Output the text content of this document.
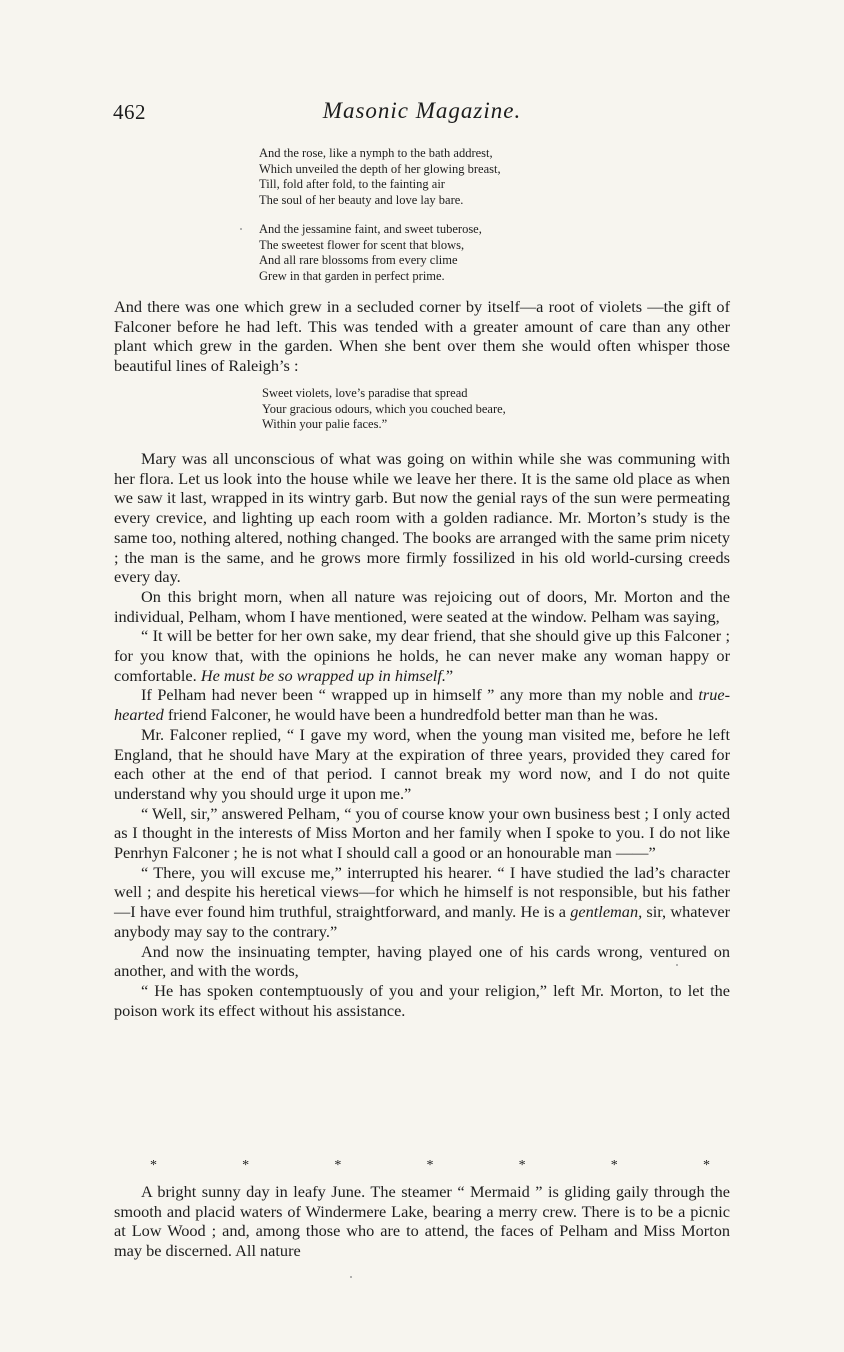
462	Masonic Magazine.
And the rose, like a nymph to the bath addrest,
Which unveiled the depth of her glowing breast,
Till, fold after fold, to the fainting air
The soul of her beauty and love lay bare.
And the jessamine faint, and sweet tuberose,
The sweetest flower for scent that blows,
And all rare blossoms from every clime
Grew in that garden in perfect prime.

And there was one which grew in a secluded corner by itself—a root of violets —the gift of Falconer before he had left. This was tended with a greater amount of care than any other plant which grew in the garden. When she bent over them she would often whisper those beautiful lines of Raleigh’s :

Sweet violets, love’s paradise that spread
Your gracious odours, which you couched beare,
Within your palie faces.”

Mary was all unconscious of what was going on within while she was communing with her flora. Let us look into the house while we leave her there. It is the same old place as when we saw it last, wrapped in its wintry garb. But now the genial rays of the sun were permeating every crevice, and lighting up each room with a golden radiance. Mr. Morton’s study is the same too, nothing altered, nothing changed. The books are arranged with the same prim nicety ; the man is the same, and he grows more firmly fossilized in his old world-cursing creeds every day.

On this bright morn, when all nature was rejoicing out of doors, Mr. Morton and the individual, Pelham, whom I have mentioned, were seated at the window. Pelham was saying,

“ It will be better for her own sake, my dear friend, that she should give up this Falconer ; for you know that, with the opinions he holds, he can never make any woman happy or comfortable. He must be so wrapped up in himself.”

If Pelham had never been “ wrapped up in himself ” any more than my noble and true-hearted friend Falconer, he would have been a hundredfold better man than he was.

Mr. Falconer replied, “ I gave my word, when the young man visited me, before he left England, that he should have Mary at the expiration of three years, provided they cared for each other at the end of that period. I cannot break my word now, and I do not quite understand why you should urge it upon me.”

“ Well, sir,” answered Pelham, “ you of course know your own business best ; I only acted as I thought in the interests of Miss Morton and her family when I spoke to you. I do not like Penrhyn Falconer ; he is not what I should call a good or an honourable man ——”

“ There, you will excuse me,” interrupted his hearer. “ I have studied the lad’s character well ; and despite his heretical views—for which he himself is not responsible, but his father—I have ever found him truthful, straightforward, and manly. He is a gentleman, sir, whatever anybody may say to the contrary.”

And now the insinuating tempter, having played one of his cards wrong, ventured on another, and with the words,

“ He has spoken contemptuously of you and your religion,” left Mr. Morton, to let the poison work its effect without his assistance.

*	*	*	*	*	*	*

A bright sunny day in leafy June. The steamer “ Mermaid ” is gliding gaily through the smooth and placid waters of Windermere Lake, bearing a merry crew. There is to be a picnic at Low Wood ; and, among those who are to attend, the faces of Pelham and Miss Morton may be discerned. All nature
